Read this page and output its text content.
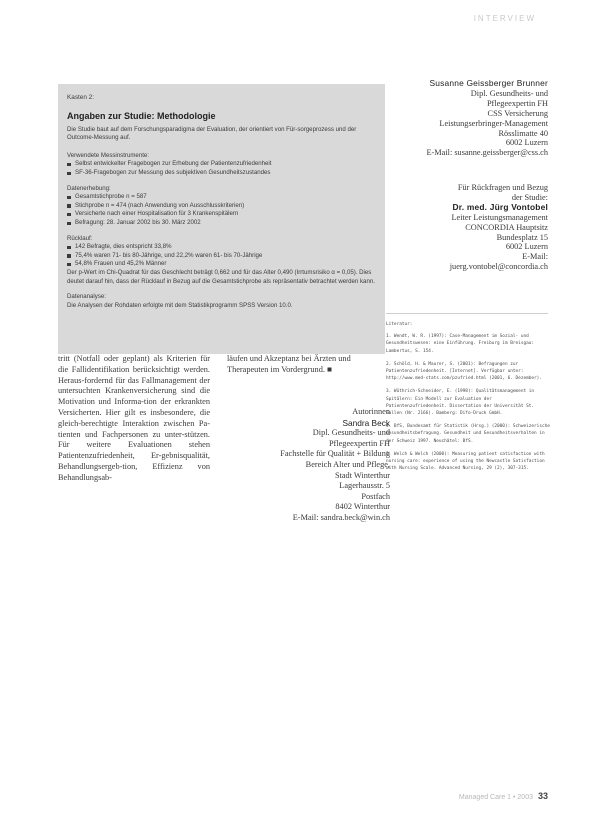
INTERVIEW
Kasten 2:
Angaben zur Studie: Methodologie
Die Studie baut auf dem Forschungsparadigma der Evaluation, der orientiert von Für-sorgeprozess und der Outcome-Messung auf.
Verwendete Messinstrumente:
Selbst entwickelter Fragebogen zur Erhebung der Patientenzufriedenheit
SF-36-Fragebogen zur Messung des subjektiven Gesundheitszustandes
Datenerhebung:
Gesamtstichprobe n = 587
Stichprobe n = 474 (nach Anwendung von Ausschlusskriterien)
Versicherte nach einer Hospitalisation für 3 Krankenspitälern
Befragung: 28. Januar 2002 bis 30. März 2002
Rücklauf:
142 Befragte, dies entspricht 33,8%
75,4% waren 71- bis 80-Jährige, und 22,2% waren 61- bis 70-Jährige
54,8% Frauen und 45,2% Männer
Der p-Wert im Chi-Quadrat für das Geschlecht beträgt 0,662 und für das Alter 0,490 (Irrtumsrisiko α = 0,05). Dies deutet darauf hin, dass der Rücklauf in Bezug auf die Gesamtstichprobe als repräsentativ betrachtet werden kann.
Datenanalyse:
Die Analysen der Rohdaten erfolgte mit dem Statistikprogramm SPSS Version 10.0.
Susanne Geissberger Brunner
Dipl. Gesundheits- und
Pflegeexpertin FH
CSS Versicherung
Leistungserbringer-Management
Rösslimatte 40
6002 Luzern
E-Mail: susanne.geissberger@css.ch
Für Rückfragen und Bezug
der Studie:
Dr. med. Jürg Vontobel
Leiter Leistungsmanagement
CONCORDIA Hauptsitz
Bundesplatz 15
6002 Luzern
E-Mail:
juerg.vontobel@concordia.ch
Literatur:
1. Wendt, W. R. (1997): Case-Management im Sozial- und Gesundheitswesen: eine Einführung. Freiburg im Breisgau: Lambertus, S. 154.
2. Schöld, H. & Maurer, S. (2001): Befragungen zur Patientenzufriedenheit. [Internet]. Verfügbar unter: http://www.med-stats.com/pzufried.html (2001, 6. Dezember).
3. Wüthrich-Schneider, E. (1998): Qualitätsmanagement in Spitälern: Ein Modell zur Evaluation der Patientenzufriedenheit. Dissertation der Universität St. Gallen (Nr. 2166). Bamberg: Difo-Druck GmbH.
4. BfS, Bundesamt für Statistik (Hrsg.) (2000): Schweizerische Gesundheitsbefragung. Gesundheit und Gesundheitsverhalten in der Schweiz 1997. Neuchâtel: BfS.
5. Welch & Welch (2000): Measuring patient satisfaction with nursing care: experience of using the Newcastle Satisfaction with Nursing Scale. Advanced Nursing, 29 (2), 307-315.
tritt (Notfall oder geplant) als Kriterien für die Fallidentifikation berücksichtigt werden. Heraus-fordernd für das Fallmanagement der untersuchten Krankenversicherung sind die Motivation und Informa-tion der erkrankten Versicherten. Hier gilt es insbesondere, die gleich-berechtigte Interaktion zwischen Pa-tienten und Fachpersonen zu unter-stützen. Für weitere Evaluationen stehen Patientenzufriedenheit, Er-gebnisqualität, Behandlungsergeb-tion, Effizienz von Behandlungsab-
läufen und Akzeptanz bei Ärzten und Therapeuten im Vordergrund. ■
Autorinnen
Sandra Beck
Dipl. Gesundheits- und
Pflegeexpertin FH
Fachstelle für Qualität + Bildung
Bereich Alter und Pflege,
Stadt Winterthur
Lagerhausstr. 5
Postfach
8402 Winterthur
E-Mail: sandra.beck@win.ch
Managed Care 1 • 2003 33
